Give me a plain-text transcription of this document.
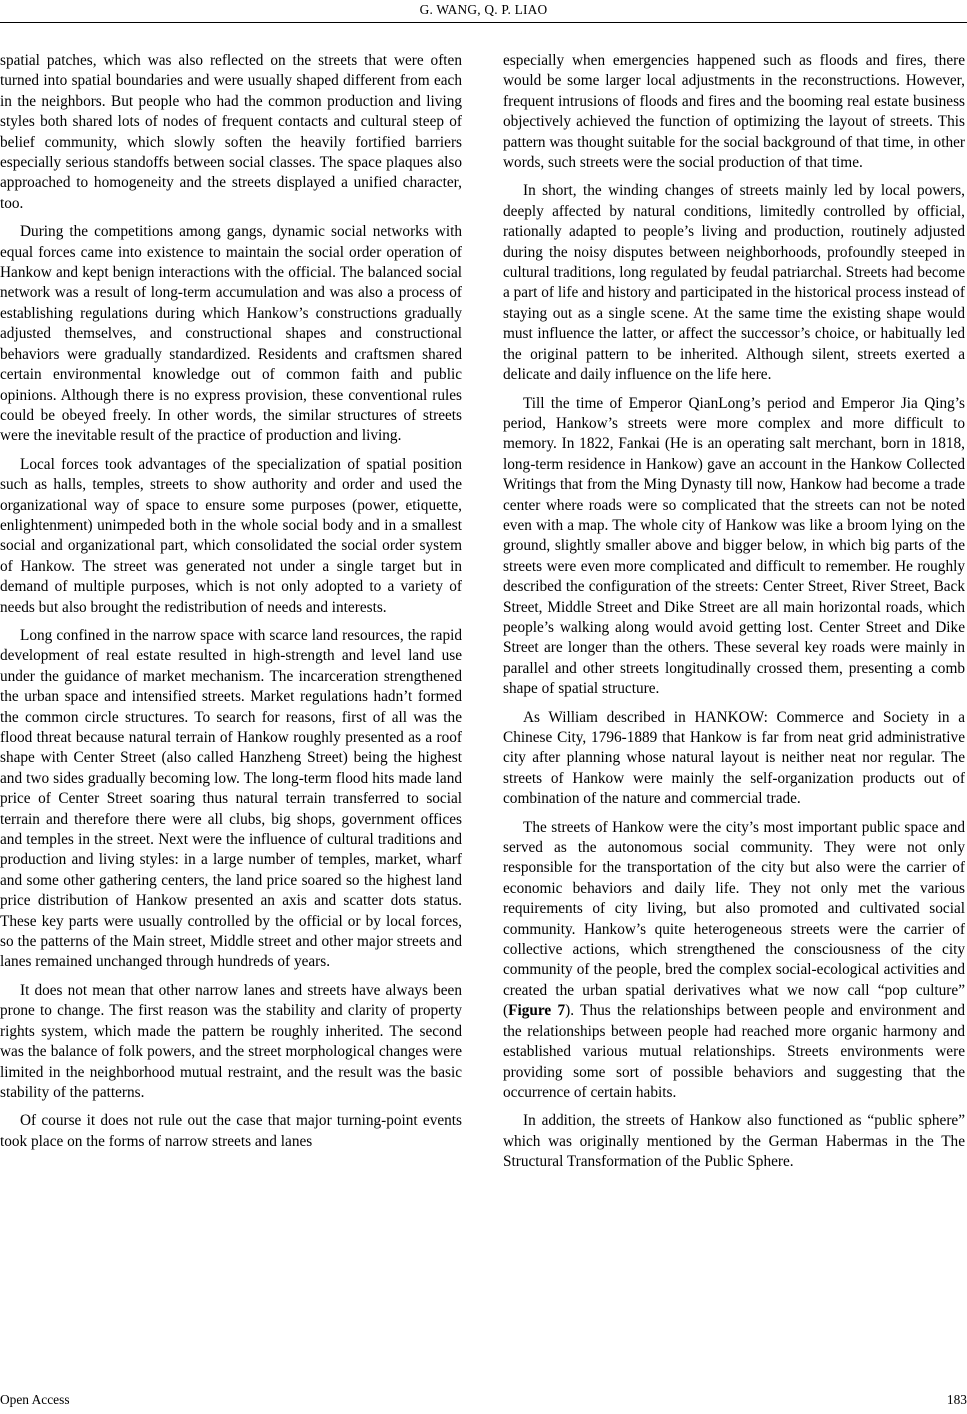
G. WANG, Q. P. LIAO

spatial patches, which was also reflected on the streets that were often turned into spatial boundaries and were usually shaped different from each in the neighbors. But people who had the common production and living styles both shared lots of nodes of frequent contacts and cultural steep of belief community, which slowly soften the heavily fortified barriers especially serious standoffs between social classes. The space plaques also approached to homogeneity and the streets displayed a unified character, too.

During the competitions among gangs, dynamic social networks with equal forces came into existence to maintain the social order operation of Hankow and kept benign interactions with the official. The balanced social network was a result of long-term accumulation and was also a process of establishing regulations during which Hankow’s constructions gradually adjusted themselves, and constructional shapes and constructional behaviors were gradually standardized. Residents and craftsmen shared certain environmental knowledge out of common faith and public opinions. Although there is no express provision, these conventional rules could be obeyed freely. In other words, the similar structures of streets were the inevitable result of the practice of production and living.

Local forces took advantages of the specialization of spatial position such as halls, temples, streets to show authority and order and used the organizational way of space to ensure some purposes (power, etiquette, enlightenment) unimpeded both in the whole social body and in a smallest social and organizational part, which consolidated the social order system of Hankow. The street was generated not under a single target but in demand of multiple purposes, which is not only adopted to a variety of needs but also brought the redistribution of needs and interests.

Long confined in the narrow space with scarce land resources, the rapid development of real estate resulted in high-strength and level land use under the guidance of market mechanism. The incarceration strengthened the urban space and intensified streets. Market regulations hadn’t formed the common circle structures. To search for reasons, first of all was the flood threat because natural terrain of Hankow roughly presented as a roof shape with Center Street (also called Hanzheng Street) being the highest and two sides gradually becoming low. The long-term flood hits made land price of Center Street soaring thus natural terrain transferred to social terrain and therefore there were all clubs, big shops, government offices and temples in the street. Next were the influence of cultural traditions and production and living styles: in a large number of temples, market, wharf and some other gathering centers, the land price soared so the highest land price distribution of Hankow presented an axis and scatter dots status. These key parts were usually controlled by the official or by local forces, so the patterns of the Main street, Middle street and other major streets and lanes remained unchanged through hundreds of years.

It does not mean that other narrow lanes and streets have always been prone to change. The first reason was the stability and clarity of property rights system, which made the pattern be roughly inherited. The second was the balance of folk powers, and the street morphological changes were limited in the neighborhood mutual restraint, and the result was the basic stability of the patterns.

Of course it does not rule out the case that major turning-point events took place on the forms of narrow streets and lanes

especially when emergencies happened such as floods and fires, there would be some larger local adjustments in the reconstructions. However, frequent intrusions of floods and fires and the booming real estate business objectively achieved the function of optimizing the layout of streets. This pattern was thought suitable for the social background of that time, in other words, such streets were the social production of that time.

In short, the winding changes of streets mainly led by local powers, deeply affected by natural conditions, limitedly controlled by official, rationally adapted to people’s living and production, routinely adjusted during the noisy disputes between neighborhoods, profoundly steeped in cultural traditions, long regulated by feudal patriarchal. Streets had become a part of life and history and participated in the historical process instead of staying out as a single scene. At the same time the existing shape would must influence the latter, or affect the successor’s choice, or habitually led the original pattern to be inherited. Although silent, streets exerted a delicate and daily influence on the life here.

Till the time of Emperor QianLong’s period and Emperor Jia Qing’s period, Hankow’s streets were more complex and more difficult to memory. In 1822, Fankai (He is an operating salt merchant, born in 1818, long-term residence in Hankow) gave an account in the Hankow Collected Writings that from the Ming Dynasty till now, Hankow had become a trade center where roads were so complicated that the streets can not be noted even with a map. The whole city of Hankow was like a broom lying on the ground, slightly smaller above and bigger below, in which big parts of the streets were even more complicated and difficult to remember. He roughly described the configuration of the streets: Center Street, River Street, Back Street, Middle Street and Dike Street are all main horizontal roads, which people’s walking along would avoid getting lost. Center Street and Dike Street are longer than the others. These several key roads were mainly in parallel and other streets longitudinally crossed them, presenting a comb shape of spatial structure.

As William described in HANKOW: Commerce and Society in a Chinese City, 1796-1889 that Hankow is far from neat grid administrative city after planning whose natural layout is neither neat nor regular. The streets of Hankow were mainly the self-organization products out of combination of the nature and commercial trade.

The streets of Hankow were the city’s most important public space and served as the autonomous social community. They were not only responsible for the transportation of the city but also were the carrier of economic behaviors and daily life. They not only met the various requirements of city living, but also promoted and cultivated social community. Hankow’s quite heterogeneous streets were the carrier of collective actions, which strengthened the consciousness of the city community of the people, bred the complex social-ecological activities and created the urban spatial derivatives what we now call “pop culture” (Figure 7). Thus the relationships between people and environment and the relationships between people had reached more organic harmony and established various mutual relationships. Streets environments were providing some sort of possible behaviors and suggesting that the occurrence of certain habits.

In addition, the streets of Hankow also functioned as “public sphere” which was originally mentioned by the German Habermas in the The Structural Transformation of the Public Sphere.

Open Access	183
